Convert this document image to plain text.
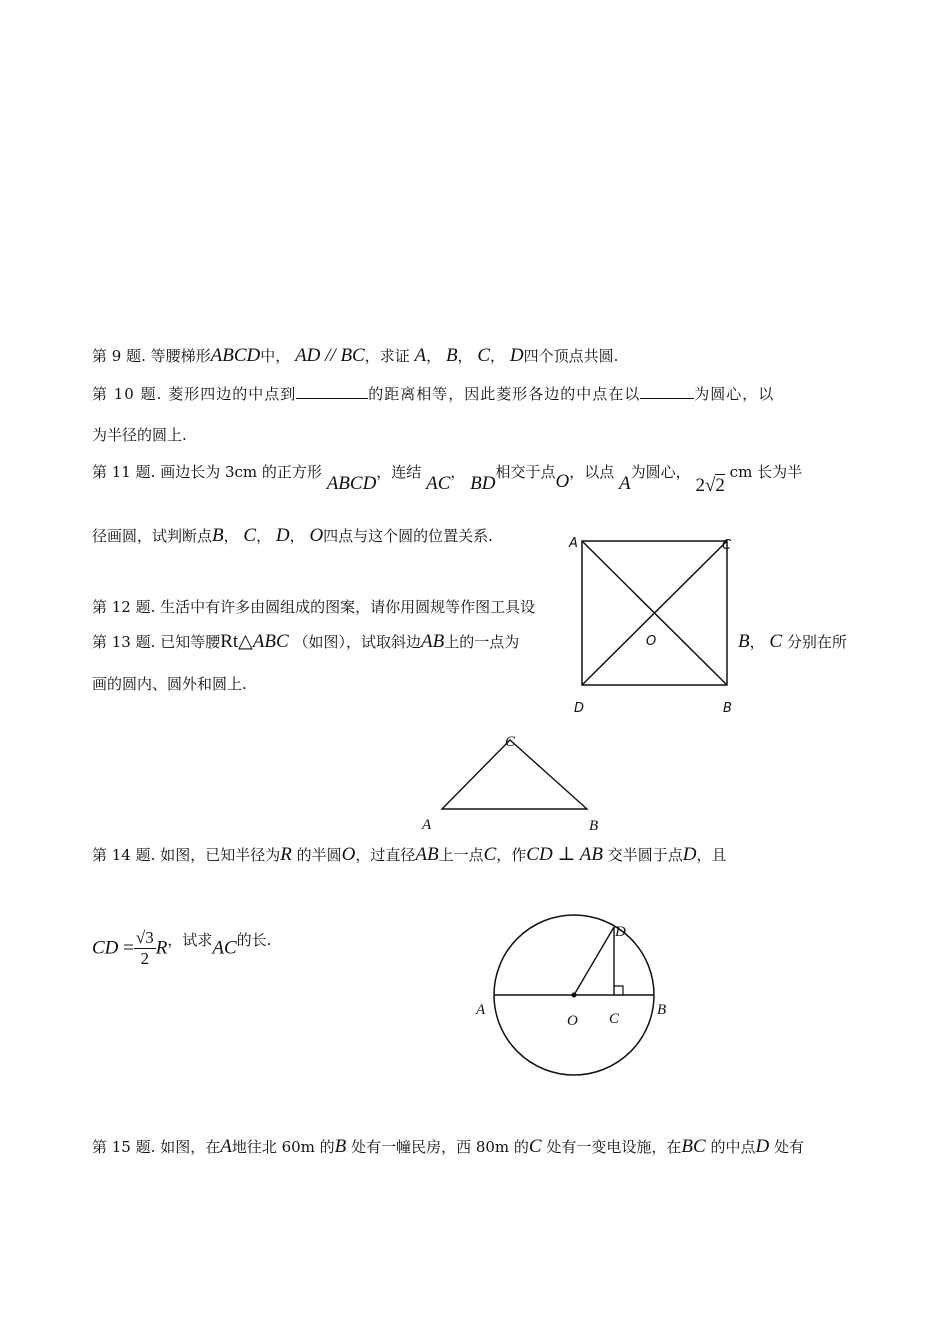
第 9 题. 等腰梯形ABCD中， AD // BC，求证 A， B， C， D四个顶点共圆.
第 10 题. 菱形四边的中点到	的距离相等，因此菱形各边的中点在以	为圆心，以
为半径的圆上.
第 11 题. 画边长为 3cm 的正方形 ABCD，连结 AC， BD相交于点O，以点 A为圆心， 2√2 cm 长为半
径画圆，试判断点B， C， D， O四点与这个圆的位置关系.
第 12 题. 生活中有许多由圆组成的图案，请你用圆规等作图工具设
第 13 题. 已知等腰Rt△ABC （如图），试取斜边AB上的一点为	B， C 分别在所
画的圆内、圆外和圆上.
A	C
O
D	B
C
A	B
第 14 题. 如图，已知半径为R 的半圆O，过直径AB上一点C，作CD ⊥ AB 交半圆于点D，且
CD = $\frac{√3}{2}$ R，试求AC的长.	D
A
O C
B
第 15 题. 如图，在A地往北 60m 的B 处有一幢民房，西 80m 的C 处有一变电设施，在BC 的中点D 处有
